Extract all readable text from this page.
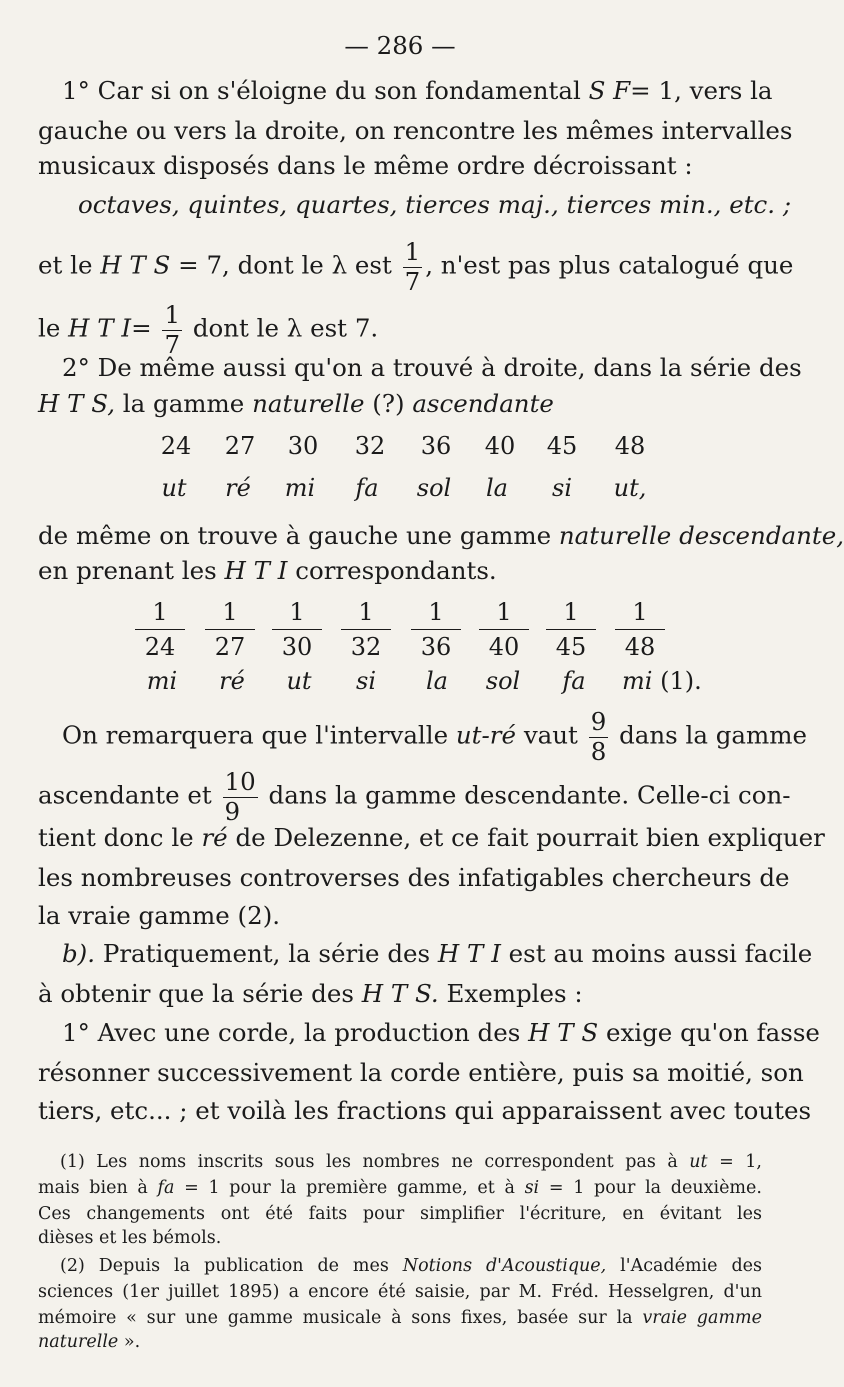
— 286 —
1° Car si on s'éloigne du son fondamental S F= 1, vers la
gauche ou vers la droite, on rencontre les mêmes intervalles
musicaux disposés dans le même ordre décroissant :
octaves, quintes, quartes, tierces maj., tierces min., etc. ;
et le H T S = 7, dont le λ est $\frac{1}{7}$ , n'est pas plus catalogué que
le H T $I= \frac{1}{7}$ dont le λ est 7.
2° De même aussi qu'on a trouvé à droite, dans la série des
H T S, la gamme naturelle (?) ascendante
24	27	30	32	36	40	45	48
ut	ré	mi	fa	sol	la	si	ut,
de même on trouve à gauche une gamme naturelle descendante,
en prenant les H T I correspondants.
$\frac{1}{24} \frac{1}{27} \frac{1}{30} \frac{1}{32} \frac{1}{36} \frac{1}{40} \frac{1}{45} \frac{1}{48}$
mi	ré	ut	si	la	sol	fa	mi (1).
On remarquera que l'intervalle ut-ré vaut $\frac{9}{8}$ dans la gamme
ascendante et $\frac{10}{9}$ dans la gamme descendante. Celle-ci con-
tient donc le ré de Delezenne, et ce fait pourrait bien expliquer
les nombreuses controverses des infatigables chercheurs de
la vraie gamme (2).
b). Pratiquement, la série des H T I est au moins aussi facile
à obtenir que la série des H T S. Exemples :
1° Avec une corde, la production des H T S exige qu'on fasse
résonner successivement la corde entière, puis sa moitié, son
tiers, etc... ; et voilà les fractions qui apparaissent avec toutes
(1) Les noms inscrits sous les nombres ne correspondent pas à ut = 1,
mais bien à fa = 1 pour la première gamme, et à si = 1 pour la deuxième.
Ces changements ont été faits pour simplifier l'écriture, en évitant les
dièses et les bémols.
(2) Depuis la publication de mes Notions d'Acoustique, l'Académie des
sciences (1er juillet 1895) a encore été saisie, par M. Fréd. Hesselgren, d'un
mémoire « sur une gamme musicale à sons fixes, basée sur la vraie gamme
naturelle ».
